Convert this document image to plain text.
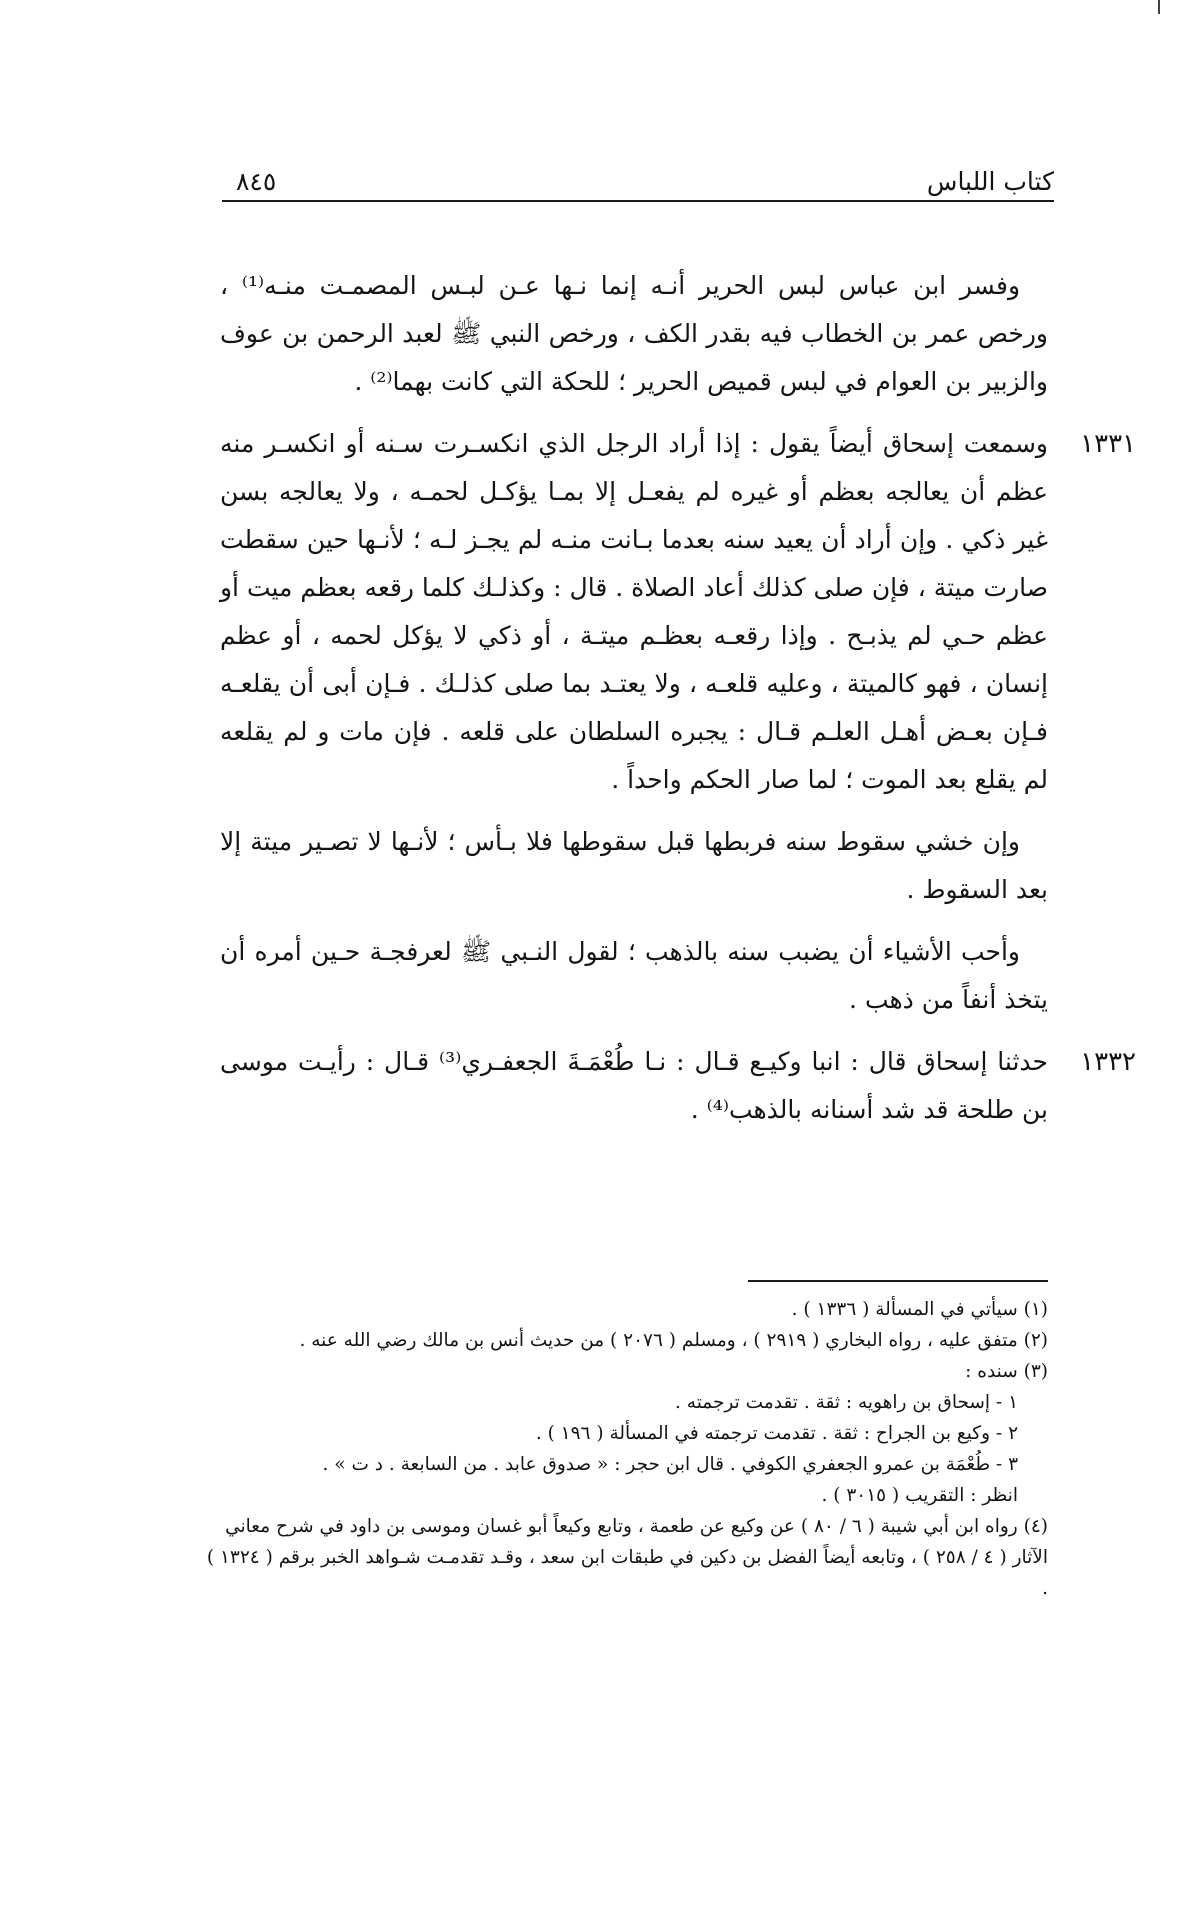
كتاب اللباس
٨٤٥

وفسر ابن عباس لبس الحرير أنـه إنما نـها عـن لبـس المصمـت منـه⁽¹⁾ ، ورخص عمر بن الخطاب فيه بقدر الكف ، ورخص النبي ﷺ لعبد الرحمن بن عوف والزبير بن العوام في لبس قميص الحرير ؛ للحكة التي كانت بهما⁽²⁾ .

١٣٣١
وسمعت إسحاق أيضاً يقول : إذا أراد الرجل الذي انكسـرت سـنه أو انكسـر منه عظم أن يعالجه بعظم أو غيره لم يفعـل إلا بمـا يؤكـل لحمـه ، ولا يعالجه بسن غير ذكي . وإن أراد أن يعيد سنه بعدما بـانت منـه لم يجـز لـه ؛ لأنـها حين سقطت صارت ميتة ، فإن صلى كذلك أعاد الصلاة . قال : وكذلـك كلما رقعه بعظم ميت أو عظم حـي لم يذبـح . وإذا رقعـه بعظـم ميتـة ، أو ذكي لا يؤكل لحمه ، أو عظم إنسان ، فهو كالميتة ، وعليه قلعـه ، ولا يعتـد بما صلى كذلـك . فـإن أبى أن يقلعـه فـإن بعـض أهـل العلـم قـال : يجبره السلطان على قلعه . فإن مات و لم يقلعه لم يقلع بعد الموت ؛ لما صار الحكم واحداً .

وإن خشي سقوط سنه فربطها قبل سقوطها فلا بـأس ؛ لأنـها لا تصـير ميتة إلا بعد السقوط .

وأحب الأشياء أن يضبب سنه بالذهب ؛ لقول النـبي ﷺ لعرفجـة حـين أمره أن يتخذ أنفاً من ذهب .

١٣٣٢
حدثنا إسحاق قال : انبا وكيـع قـال : نـا طُعْمَـةَ الجعفـري⁽³⁾ قـال : رأيـت موسى بن طلحة قد شد أسنانه بالذهب⁽⁴⁾ .

(١) سيأتي في المسألة ( ١٣٣٦ ) .

(٢) متفق عليه ، رواه البخاري ( ٢٩١٩ ) ، ومسلم ( ٢٠٧٦ ) من حديث أنس بن مالك رضي الله عنه .

(٣) سنده :

١ - إسحاق بن راهويه : ثقة . تقدمت ترجمته .

٢ - وكيع بن الجراح : ثقة . تقدمت ترجمته في المسألة ( ١٩٦ ) .

٣ - طُعْمَة بن عمرو الجعفري الكوفي . قال ابن حجر : « صدوق عابد . من السابعة . د ت » .

انظر : التقريب ( ٣٠١٥ ) .

(٤) رواه ابن أبي شيبة ( ٦ / ٨٠ ) عن وكيع عن طعمة ، وتابع وكيعاً أبو غسان وموسى بن داود في شرح معاني الآثار ( ٤ / ٢٥٨ ) ، وتابعه أيضاً الفضل بن دكين في طبقات ابن سعد ، وقـد تقدمـت شـواهد الخبر برقم ( ١٣٢٤ ) .
